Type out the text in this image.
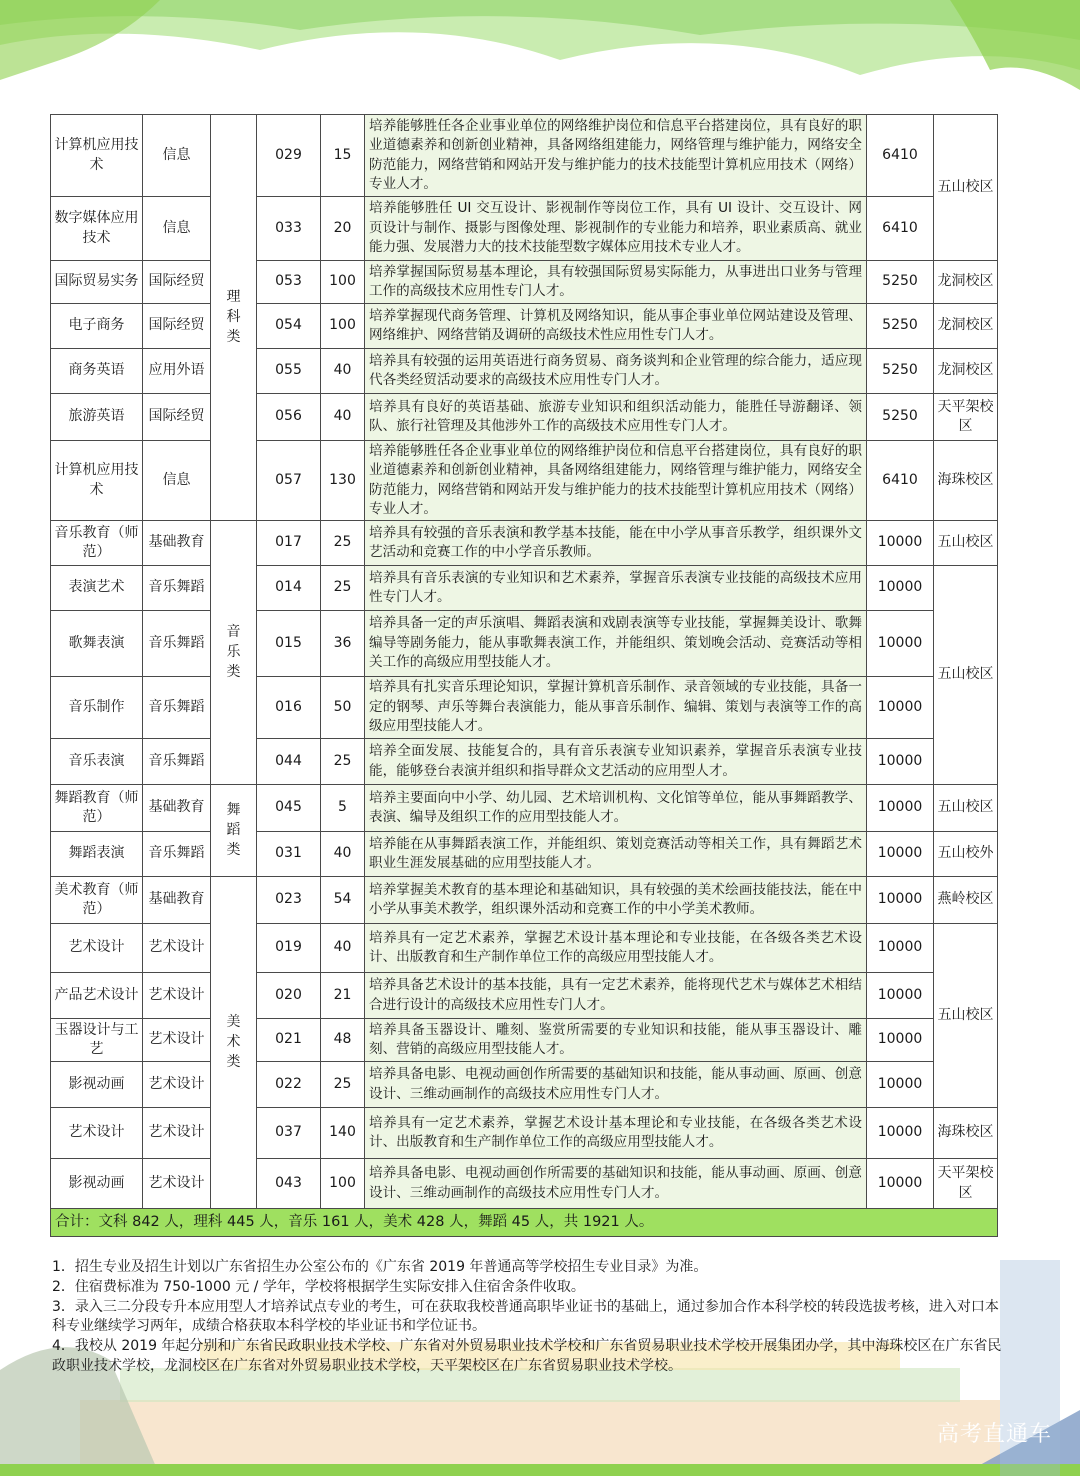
计算机应用技术	信息	理科类	029	15	培养能够胜任各企业事业单位的网络维护岗位和信息平台搭建岗位，具有良好的职业道德素养和创新创业精神，具备网络组建能力，网络管理与维护能力，网络安全防范能力，网络营销和网站开发与维护能力的技术技能型计算机应用技术（网络）专业人才。	6410	五山校区
数字媒体应用技术	信息		033	20	培养能够胜任 UI 交互设计、影视制作等岗位工作，具有 UI 设计、交互设计、网页设计与制作、摄影与图像处理、影视制作的专业能力和培养，职业素质高、就业能力强、发展潜力大的技术技能型数字媒体应用技术专业人才。	6410	
国际贸易实务	国际经贸		053	100	培养掌握国际贸易基本理论，具有较强国际贸易实际能力，从事进出口业务与管理工作的高级技术应用性专门人才。	5250	龙洞校区
电子商务	国际经贸		054	100	培养掌握现代商务管理、计算机及网络知识，能从事企事业单位网站建设及管理、网络维护、网络营销及调研的高级技术性应用性专门人才。	5250	龙洞校区
商务英语	应用外语		055	40	培养具有较强的运用英语进行商务贸易、商务谈判和企业管理的综合能力，适应现代各类经贸活动要求的高级技术应用性专门人才。	5250	龙洞校区
旅游英语	国际经贸		056	40	培养具有良好的英语基础、旅游专业知识和组织活动能力，能胜任导游翻译、领队、旅行社管理及其他涉外工作的高级技术应用性专门人才。	5250	天平架校区
计算机应用技术	信息		057	130	培养能够胜任各企业事业单位的网络维护岗位和信息平台搭建岗位，具有良好的职业道德素养和创新创业精神，具备网络组建能力，网络管理与维护能力，网络安全防范能力，网络营销和网站开发与维护能力的技术技能型计算机应用技术（网络）专业人才。	6410	海珠校区
音乐教育（师范）	基础教育	音乐类	017	25	培养具有较强的音乐表演和教学基本技能，能在中小学从事音乐教学，组织课外文艺活动和竞赛工作的中小学音乐教师。	10000	五山校区
表演艺术	音乐舞蹈		014	25	培养具有音乐表演的专业知识和艺术素养，掌握音乐表演专业技能的高级技术应用性专门人才。	10000	五山校区
歌舞表演	音乐舞蹈		015	36	培养具备一定的声乐演唱、舞蹈表演和戏剧表演等专业技能，掌握舞美设计、歌舞编导等剧务能力，能从事歌舞表演工作，并能组织、策划晚会活动、竞赛活动等相关工作的高级应用型技能人才。	10000	
音乐制作	音乐舞蹈		016	50	培养具有扎实音乐理论知识，掌握计算机音乐制作、录音领域的专业技能，具备一定的钢琴、声乐等舞台表演能力，能从事音乐制作、编辑、策划与表演等工作的高级应用型技能人才。	10000	
音乐表演	音乐舞蹈		044	25	培养全面发展、技能复合的，具有音乐表演专业知识素养，掌握音乐表演专业技能，能够登台表演并组织和指导群众文艺活动的应用型人才。	10000	
舞蹈教育（师范）	基础教育	舞蹈类	045	5	培养主要面向中小学、幼儿园、艺术培训机构、文化馆等单位，能从事舞蹈教学、表演、编导及组织工作的应用型技能人才。	10000	五山校区
舞蹈表演	音乐舞蹈		031	40	培养能在从事舞蹈表演工作，并能组织、策划竞赛活动等相关工作，具有舞蹈艺术职业生涯发展基础的应用型技能人才。	10000	五山校外
美术教育（师范）	基础教育	美术类	023	54	培养掌握美术教育的基本理论和基础知识，具有较强的美术绘画技能技法，能在中小学从事美术教学，组织课外活动和竞赛工作的中小学美术教师。	10000	燕岭校区
艺术设计	艺术设计		019	40	培养具有一定艺术素养，掌握艺术设计基本理论和专业技能，在各级各类艺术设计、出版教育和生产制作单位工作的高级应用型技能人才。	10000	五山校区
产品艺术设计	艺术设计		020	21	培养具备艺术设计的基本技能，具有一定艺术素养，能将现代艺术与媒体艺术相结合进行设计的高级技术应用性专门人才。	10000	
玉器设计与工艺	艺术设计		021	48	培养具备玉器设计、雕刻、鉴赏所需要的专业知识和技能，能从事玉器设计、雕刻、营销的高级应用型技能人才。	10000	
影视动画	艺术设计		022	25	培养具备电影、电视动画创作所需要的基础知识和技能，能从事动画、原画、创意设计、三维动画制作的高级技术应用性专门人才。	10000	
艺术设计	艺术设计		037	140	培养具有一定艺术素养，掌握艺术设计基本理论和专业技能，在各级各类艺术设计、出版教育和生产制作单位工作的高级应用型技能人才。	10000	海珠校区
影视动画	艺术设计		043	100	培养具备电影、电视动画创作所需要的基础知识和技能，能从事动画、原画、创意设计、三维动画制作的高级技术应用性专门人才。	10000	天平架校区
合计：文科 842 人，理科 445 人，音乐 161 人，美术 428 人，舞蹈 45 人，共 1921 人。							

1．招生专业及招生计划以广东省招生办公室公布的《广东省 2019 年普通高等学校招生专业目录》为准。

2．住宿费标准为 750-1000 元 / 学年，学校将根据学生实际安排入住宿舍条件收取。

3．录入三二分段专升本应用型人才培养试点专业的考生，可在获取我校普通高职毕业证书的基础上，通过参加合作本科学校的转段选拔考核，进入对口本科专业继续学习两年，成绩合格获取本科学校的毕业证书和学位证书。

4．我校从 2019 年起分别和广东省民政职业技术学校、广东省对外贸易职业技术学校和广东省贸易职业技术学校开展集团办学，其中海珠校区在广东省民政职业技术学校，龙洞校区在广东省对外贸易职业技术学校，天平架校区在广东省贸易职业技术学校。

高考直通车
